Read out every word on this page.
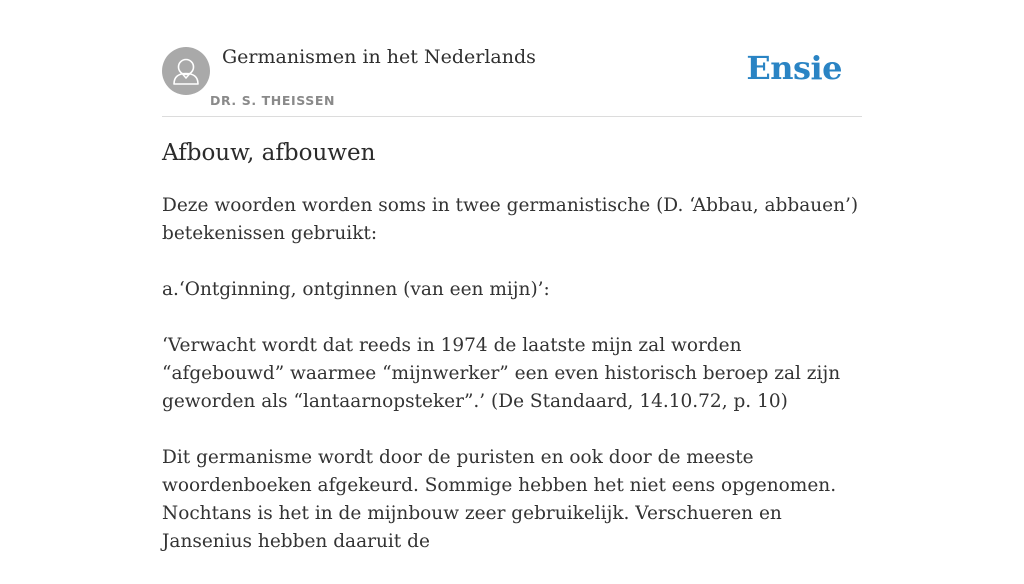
Germanismen in het Nederlands
DR. S. THEISSEN
Ensie
Afbouw, afbouwen

Deze woorden worden soms in twee germanistische (D. ‘Abbau, abbauen’) betekenissen gebruikt:

a.‘Ontginning, ontginnen (van een mijn)’:

‘Verwacht wordt dat reeds in 1974 de laatste mijn zal worden “afgebouwd” waarmee “mijnwerker” een even historisch beroep zal zijn geworden als “lantaarnopsteker”.’ (De Standaard, 14.10.72, p. 10)

Dit germanisme wordt door de puristen en ook door de meeste woordenboeken afgekeurd. Sommige hebben het niet eens opgenomen. Nochtans is het in de mijnbouw zeer gebruikelijk. Verschueren en Jansenius hebben daaruit de
